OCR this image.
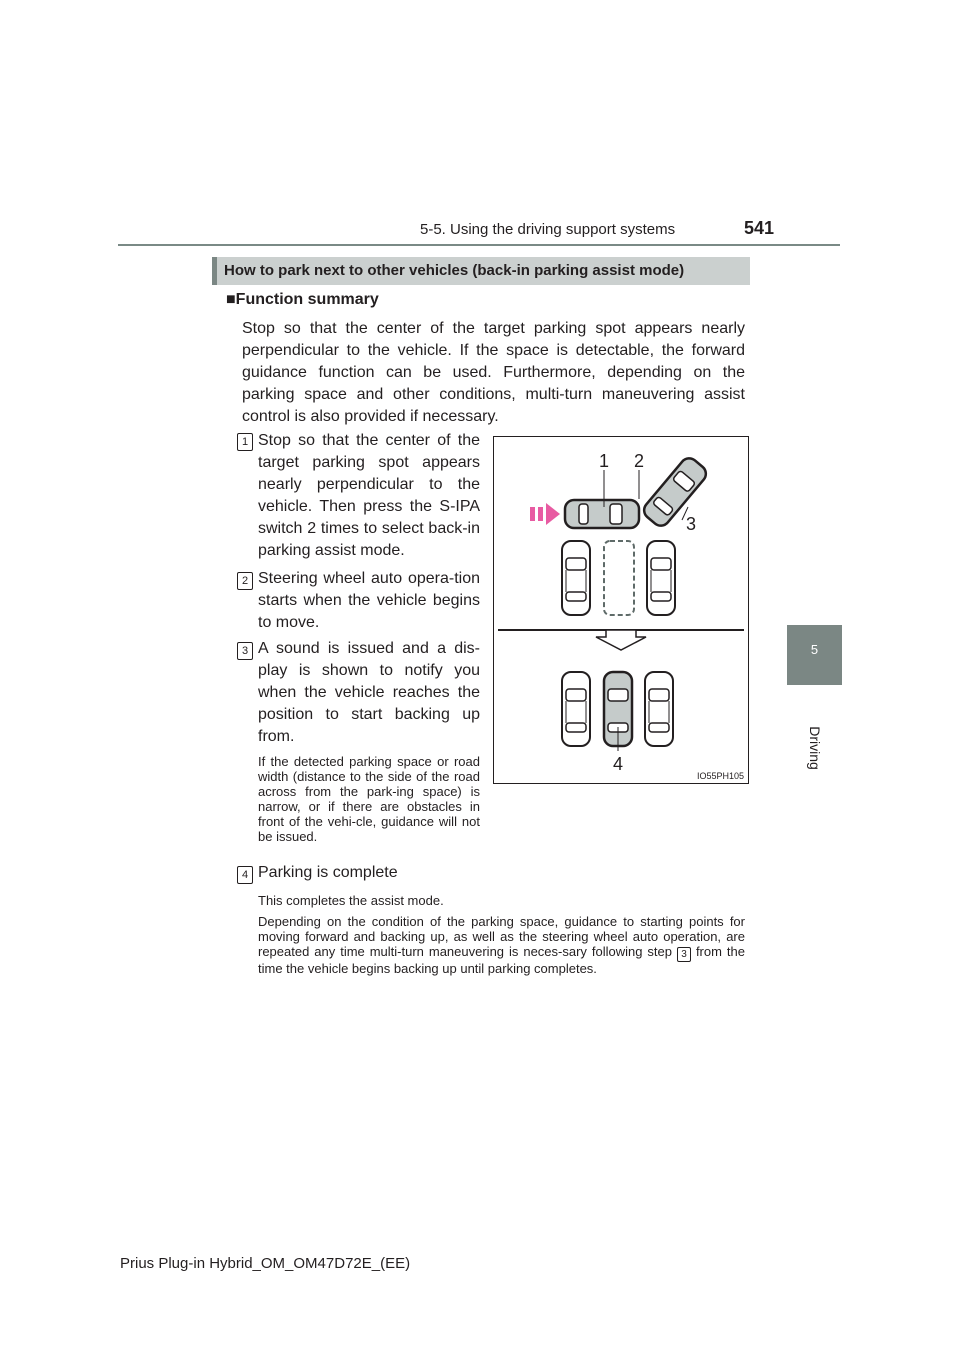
5-5. Using the driving support systems	541
5
Driving
How to park next to other vehicles (back-in parking assist mode)
■Function summary
Stop so that the center of the target parking spot appears nearly perpendicular to the vehicle. If the space is detectable, the forward guidance function can be used. Furthermore, depending on the parking space and other conditions, multi-turn maneuvering assist control is also provided if necessary.
1 Stop so that the center of the target parking spot appears nearly perpendicular to the vehicle. Then press the S-IPA switch 2 times to select back-in parking assist mode.
2 Steering wheel auto opera-tion starts when the vehicle begins to move.
3 A sound is issued and a dis-play is shown to notify you when the vehicle reaches the position to start backing up from.
If the detected parking space or road width (distance to the side of the road across from the park-ing space) is narrow, or if there are obstacles in front of the vehi-cle, guidance will not be issued.
4 Parking is complete
This completes the assist mode.
Depending on the condition of the parking space, guidance to starting points for moving forward and backing up, as well as the steering wheel auto operation, are repeated any time multi-turn maneuvering is neces-sary following step 3 from the time the vehicle begins backing up until parking completes.
1 2
3
4
IO55PH105
Prius Plug-in Hybrid_OM_OM47D72E_(EE)
